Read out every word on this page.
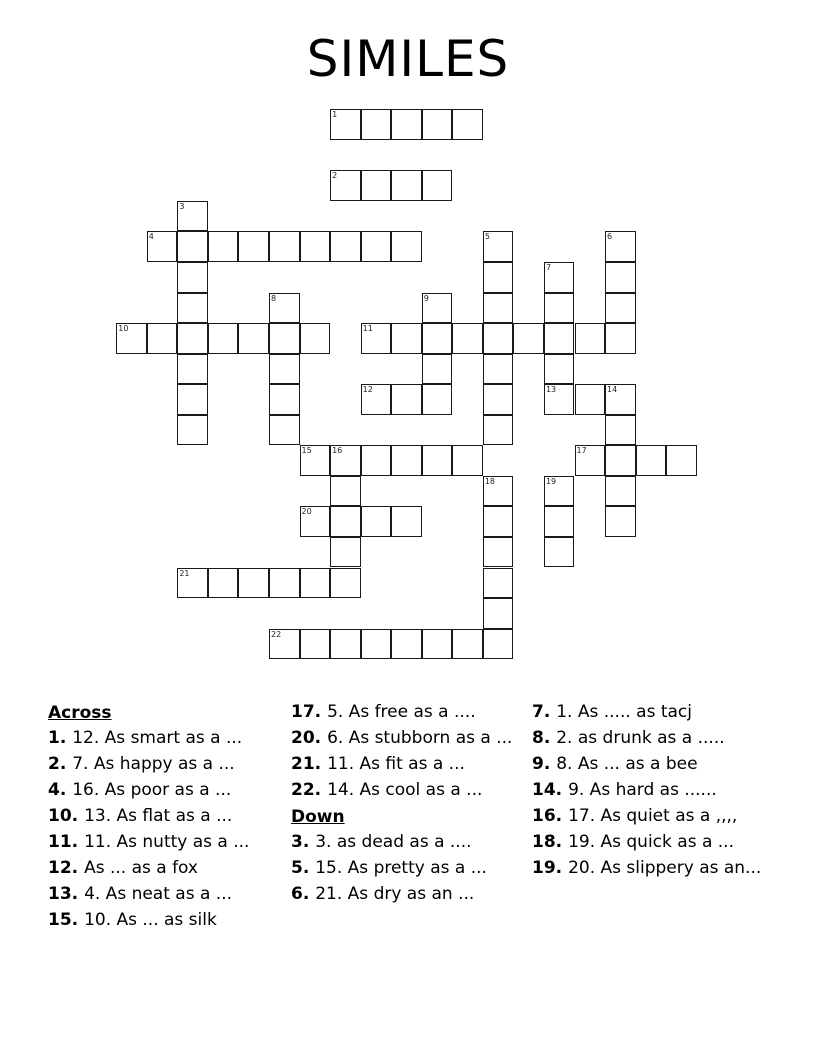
SIMILES
1
2
3
4	5	6
7
13
8	9
10	11
12	14
15	16	17
18	19
20
21
22
Across
1. 12. As smart as a ...
2. 7. As happy as a ...
4. 16. As poor as a ...
10. 13. As flat as a ...
11. 11. As nutty as a ...
12. As ... as a fox
13. 4. As neat as a ...
15. 10. As ... as silk
17. 5. As free as a ....
20. 6. As stubborn as a ...
21. 11. As fit as a ...
22. 14. As cool as a ...
Down
3. 3. as dead as a ....
5. 15. As pretty as a ...
6. 21. As dry as an ...
7. 1. As ..... as tacj
8. 2. as drunk as a .....
9. 8. As ... as a bee
14. 9. As hard as ......
16. 17. As quiet as a ,,,,
18. 19. As quick as a ...
19. 20. As slippery as an...
